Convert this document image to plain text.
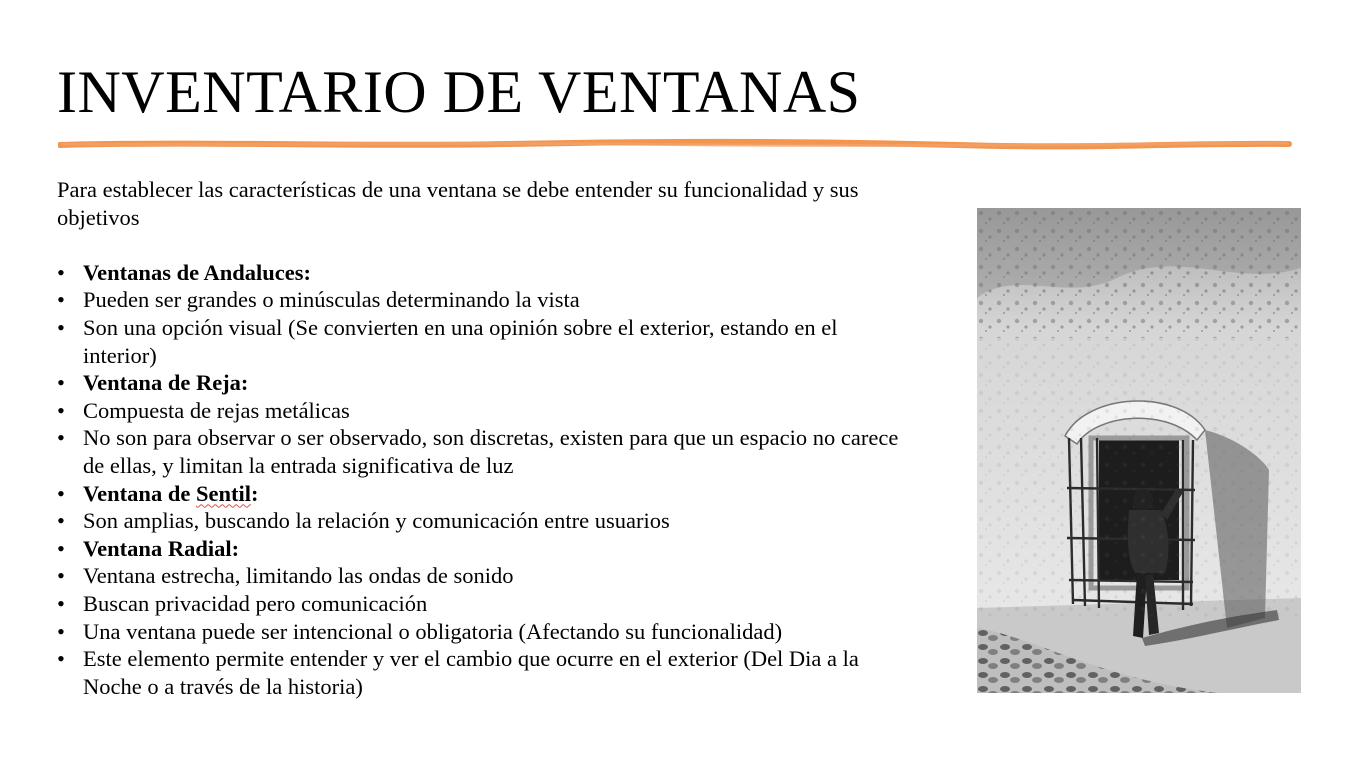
INVENTARIO DE VENTANAS

Para establecer las características de una ventana se debe entender su funcionalidad y sus objetivos

• Ventanas de Andaluces:
• Pueden ser grandes o minúsculas determinando la vista
• Son una opción visual (Se convierten en una opinión sobre el exterior, estando en el interior)
• Ventana de Reja:
• Compuesta de rejas metálicas
• No son para observar o ser observado, son discretas, existen para que un espacio no carece de ellas, y limitan la entrada significativa de luz
• Ventana de Sentil:
• Son amplias, buscando la relación y comunicación entre usuarios
• Ventana Radial:
• Ventana estrecha, limitando las ondas de sonido
• Buscan privacidad pero comunicación
• Una ventana puede ser intencional o obligatoria (Afectando su funcionalidad)
• Este elemento permite entender y ver el cambio que ocurre en el exterior (Del Dia a la Noche o a través de la historia)
